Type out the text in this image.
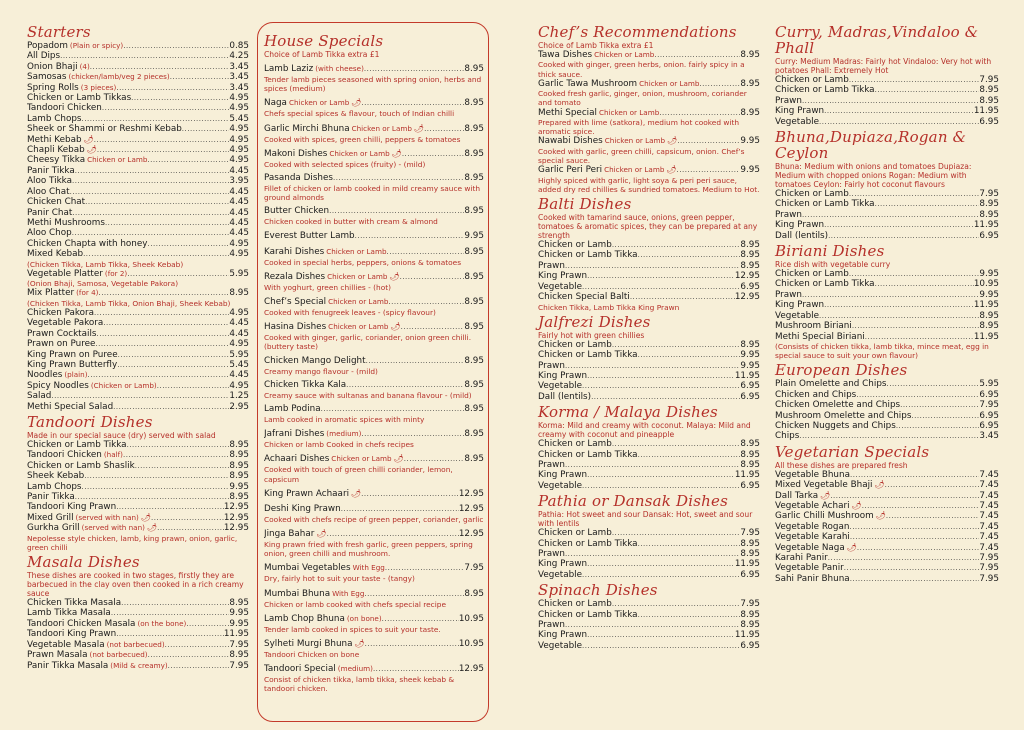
Starters
Popadom (Plain or spicy) .....	0.85
All Dips .....	4.25
Onion Bhaji (4) .....	3.45
Samosas (chicken/lamb/veg 2 pieces) .....	3.45
Spring Rolls (3 pieces) .....	3.45
Chicken or Lamb Tikkas .....	4.95
Tandoori Chicken .....	4.95
Lamb Chops .....	5.45
Sheek or Shammi or Reshmi Kebab .....	4.95
Methi Kebab 🌶 .....	4.95
Chapli Kebab 🌶 .....	4.95
Cheesy Tikka Chicken or Lamb .....	4.95
Panir Tikka .....	4.45
Aloo Tikka .....	3.95
Aloo Chat .....	4.45
Chicken Chat .....	4.45
Panir Chat .....	4.45
Methi Mushrooms .....	4.45
Aloo Chop .....	4.45
Chicken Chapta with honey .....	4.95
Mixed Kebab .....	4.95
(Chicken Tikka, Lamb Tikka, Sheek Kebab)
Vegetable Platter (for 2) .....	5.95
(Onion Bhaji, Samosa, Vegetable Pakora)
Mix Platter (for 4) .....	8.95
(Chicken Tikka, Lamb Tikka, Onion Bhaji, Sheek Kebab)
Chicken Pakora .....	4.95
Vegetable Pakora .....	4.45
Prawn Cocktails .....	4.45
Prawn on Puree .....	4.95
King Prawn on Puree .....	5.95
King Prawn Butterfly .....	5.45
Noodles (plain) .....	4.45
Spicy Noodles (Chicken or Lamb) .....	4.95
Salad .....	1.25
Methi Special Salad .....	2.95
Tandoori Dishes
Made in our special sauce (dry) served with salad
Chicken or Lamb Tikka .....	8.95
Tandoori Chicken (half) .....	8.95
Chicken or Lamb Shaslik .....	8.95
Sheek Kebab .....	8.95
Lamb Chops .....	9.95
Panir Tikka .....	8.95
Tandoori King Prawn .....	12.95
Mixed Grill (served with nan) 🌶 .....	12.95
Gurkha Grill (served with nan) 🌶 .....	12.95
Nepolesse style chicken, lamb, king prawn, onion, garlic, green chilli
Masala Dishes
These dishes are cooked in two stages, firstly they are barbecued in the clay oven then cooked in a rich creamy sauce
Chicken Tikka Masala .....	8.95
Lamb Tikka Masala .....	9.95
Tandoori Chicken Masala (on the bone) .....	9.95
Tandoori King Prawn .....	11.95
Vegetable Masala (not barbecued) .....	7.95
Prawn Masala (not barbecued) .....	8.95
Panir Tikka Masala (Mild & creamy) .....	7.95
House Specials
Choice of Lamb Tikka extra £1
Lamb Laziz (with cheese) .....	8.95
Tender lamb pieces seasoned with spring onion, herbs and spices (medium)
Naga Chicken or Lamb 🌶 .....	8.95
Chefs special spices & flavour, touch of Indian chilli
Garlic Mirchi Bhuna Chicken or Lamb 🌶 .....	8.95
Cooked with spices, green chilli, peppers & tomatoes
Makoni Dishes Chicken or Lamb 🌶 .....	8.95
Cooked with selected spices (fruity) - (mild)
Pasanda Dishes .....	8.95
Fillet of chicken or lamb cooked in mild creamy sauce with ground almonds
Butter Chicken .....	8.95
Chicken cooked in butter with cream & almond
Everest Butter Lamb .....	9.95
Karahi Dishes Chicken or Lamb .....	8.95
Cooked in special herbs, peppers, onions & tomatoes
Rezala Dishes Chicken or Lamb 🌶 .....	8.95
With yoghurt, green chillies - (hot)
Chef’s Special Chicken or Lamb .....	8.95
Cooked with fenugreek leaves - (spicy flavour)
Hasina Dishes Chicken or Lamb 🌶 .....	8.95
Cooked with ginger, garlic, coriander, onion green chilli. (buttery taste)
Chicken Mango Delight .....	8.95
Creamy mango flavour - (mild)
Chicken Tikka Kala .....	8.95
Creamy sauce with sultanas and banana flavour - (mild)
Lamb Podina .....	8.95
Lamb cooked in aromatic spices with minty
Jafrani Dishes (medium) .....	8.95
Chicken or lamb Cooked in chefs recipes
Achaari Dishes Chicken or Lamb 🌶 .....	8.95
Cooked with touch of green chilli coriander, lemon, capsicum
King Prawn Achaari 🌶 .....	12.95
Deshi King Prawn .....	12.95
Cooked with chefs recipe of green pepper, coriander, garlic
Jinga Bahar 🌶 .....	12.95
King prawn fried with fresh garlic, green peppers, spring onion, green chilli and mushroom.
Mumbai Vegetables With Egg .....	7.95
Dry, fairly hot to suit your taste - (tangy)
Mumbai Bhuna With Egg .....	8.95
Chicken or lamb cooked with chefs special recipe
Lamb Chop Bhuna (on bone) .....	10.95
Tender lamb cooked in spices to suit your taste.
Sylheti Murgi Bhuna 🌶 .....	10.95
Tandoori Chicken on bone
Tandoori Special (medium) .....	12.95
Consist of chicken tikka, lamb tikka, sheek kebab & tandoori chicken.
Chef’s Recommendations
Choice of Lamb Tikka extra £1
Tawa Dishes Chicken or Lamb .....	8.95
Cooked with ginger, green herbs, onion. fairly spicy in a thick sauce.
Garlic Tawa Mushroom Chicken or Lamb .....	8.95
Cooked fresh garlic, ginger, onion, mushroom, coriander and tomato
Methi Special Chicken or Lamb .....	8.95
Prepared with lime (satkora), medium hot cooked with aromatic spice.
Nawabi Dishes Chicken or Lamb 🌶 .....	9.95
Cooked with garlic, green chilli, capsicum, onion. Chef’s special sauce.
Garlic Peri Peri Chicken or Lamb 🌶 .....	9.95
Highly spiced with garlic, light soya & peri peri sauce, added dry red chillies & sundried tomatoes. Medium to Hot.
Balti Dishes
Cooked with tamarind sauce, onions, green pepper, tomatoes & aromatic spices, they can be prepared at any strength
Chicken or Lamb .....	8.95
Chicken or Lamb Tikka .....	8.95
Prawn .....	8.95
King Prawn .....	12.95
Vegetable .....	6.95
Chicken Special Balti .....	12.95
Chicken Tikka, Lamb Tikka King Prawn
Jalfrezi Dishes
Fairly hot with green chillies
Chicken or Lamb .....	8.95
Chicken or Lamb Tikka .....	9.95
Prawn .....	9.95
King Prawn .....	11.95
Vegetable .....	6.95
Dall (lentils) .....	6.95
Korma / Malaya Dishes
Korma: Mild and creamy with coconut. Malaya: Mild and creamy with coconut and pineapple
Chicken or Lamb .....	8.95
Chicken or Lamb Tikka .....	8.95
Prawn .....	8.95
King Prawn .....	11.95
Vegetable .....	6.95
Pathia or Dansak Dishes
Pathia: Hot sweet and sour Dansak: Hot, sweet and sour with lentils
Chicken or Lamb .....	7.95
Chicken or Lamb Tikka .....	8.95
Prawn .....	8.95
King Prawn .....	11.95
Vegetable .....	6.95
Spinach Dishes
Chicken or Lamb .....	7.95
Chicken or Lamb Tikka .....	8.95
Prawn .....	8.95
King Prawn .....	11.95
Vegetable .....	6.95
Curry, Madras,Vindaloo & Phall
Curry: Medium Madras: Fairly hot Vindaloo: Very hot with potatoes Phall: Extremely Hot
Chicken or Lamb .....	7.95
Chicken or Lamb Tikka .....	8.95
Prawn .....	8.95
King Prawn .....	11.95
Vegetable .....	6.95
Bhuna,Dupiaza,Rogan & Ceylon
Bhuna: Medium with onions and tomatoes Dupiaza: Medium with chopped onions Rogan: Medium with tomatoes Ceylon: Fairly hot coconut flavours
Chicken or Lamb .....	7.95
Chicken or Lamb Tikka .....	8.95
Prawn .....	8.95
King Prawn .....	11.95
Dall (lentils) .....	6.95
Biriani Dishes
Rice dish with vegetable curry
Chicken or Lamb .....	9.95
Chicken or Lamb Tikka .....	10.95
Prawn .....	9.95
King Prawn .....	11.95
Vegetable .....	8.95
Mushroom Biriani .....	8.95
Methi Special Biriani .....	11.95
(Consists of chicken tikka, lamb tikka, mince meat, egg in special sauce to suit your own flavour)
European Dishes
Plain Omelette and Chips .....	5.95
Chicken and Chips .....	6.95
Chicken Omelette and Chips .....	7.95
Mushroom Omelette and Chips .....	6.95
Chicken Nuggets and Chips .....	6.95
Chips .....	3.45
Vegetarian Specials
All these dishes are prepared fresh
Vegetable Bhuna .....	7.45
Mixed Vegetable Bhaji 🌶 .....	7.45
Dall Tarka 🌶 .....	7.45
Vegetable Achari 🌶 .....	7.45
Garlic Chilli Mushroom 🌶 .....	7.45
Vegetable Rogan .....	7.45
Vegetable Karahi .....	7.45
Vegetable Naga 🌶 .....	7.45
Karahi Panir .....	7.95
Vegetable Panir .....	7.95
Sahi Panir Bhuna .....	7.95
